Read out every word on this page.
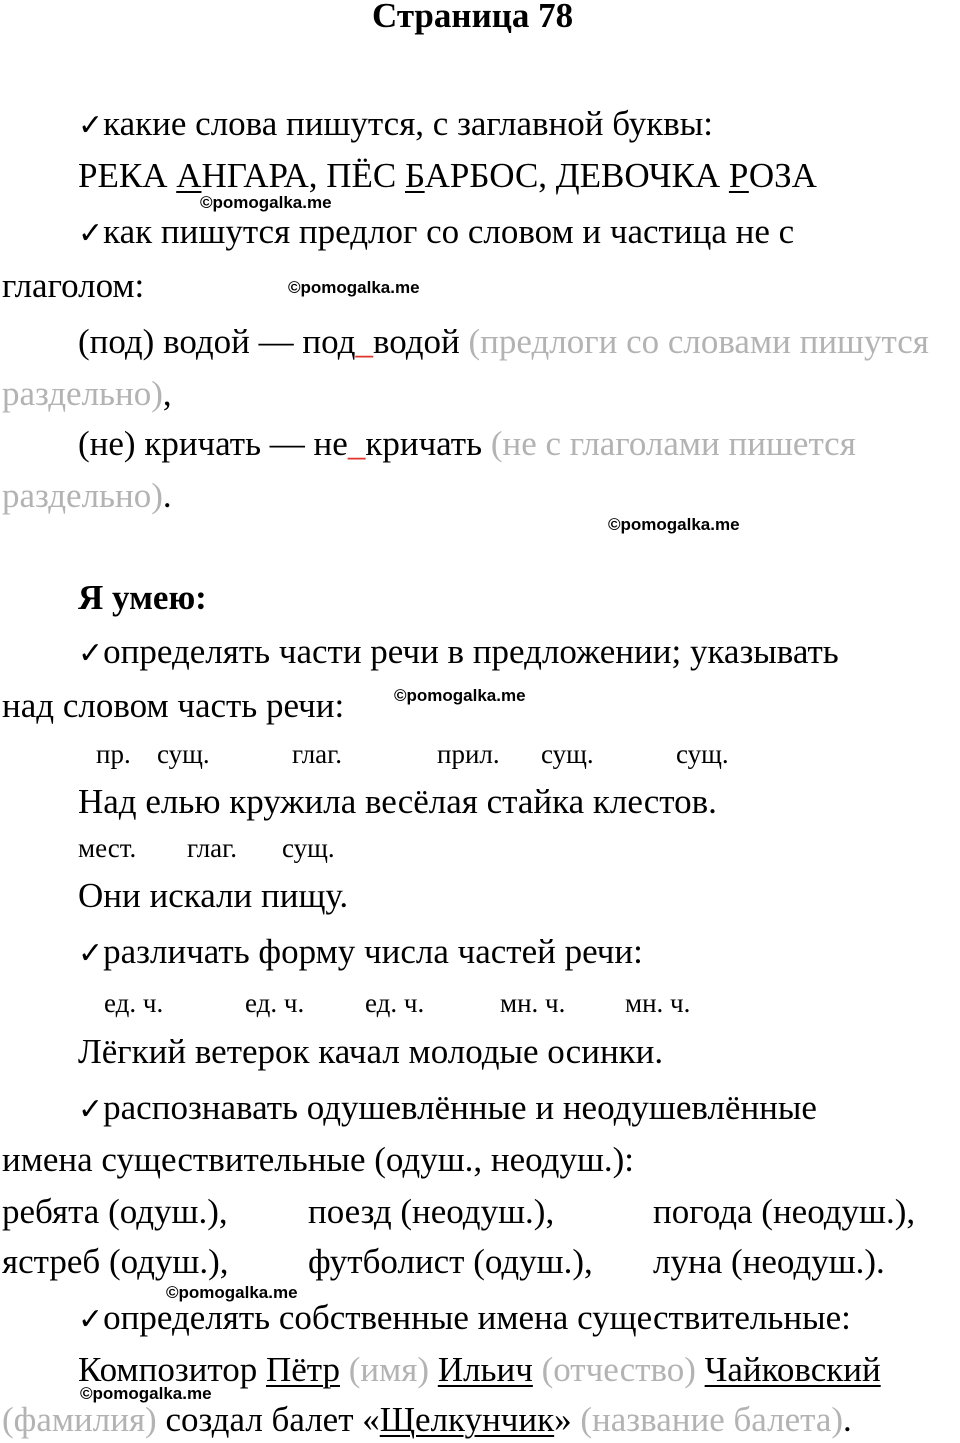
Страница 78
✓какие слова пишутся, с заглавной буквы:
РЕКА АНГАРА, ПЁС БАРБОС, ДЕВОЧКА РОЗА
©pomogalka.me
✓как пишутся предлог со словом и частица не с
глаголом:	©pomogalka.me
(под) водой — под_водой (предлоги со словами пишутся
раздельно),
(не) кричать — не_кричать (не с глаголами пишется
раздельно).
©pomogalka.me
Я умею:
✓определять части речи в предложении; указывать
над словом часть речи:	©pomogalka.me
пр. сущ.	глаг.	прил. сущ.	сущ.
Над елью кружила весёлая стайка клестов.
мест. глаг. сущ.
Они искали пищу.
✓различать форму числа частей речи:
ед. ч.	ед. ч. ед. ч.	мн. ч. мн. ч.
Лёгкий ветерок качал молодые осинки.
✓распознавать одушевлённые и неодушевлённые
имена существительные (одуш., неодуш.):
ребята (одуш.), поезд (неодуш.),	погода (неодуш.),
ястреб (одуш.), футболист (одуш.), луна (неодуш.).
©pomogalka.me
✓определять собственные имена существительные:
Композитор Пётр (имя) Ильич (отчество) Чайковский
©pomogalka.me
(фамилия) создал балет «Щелкунчик» (название балета).
